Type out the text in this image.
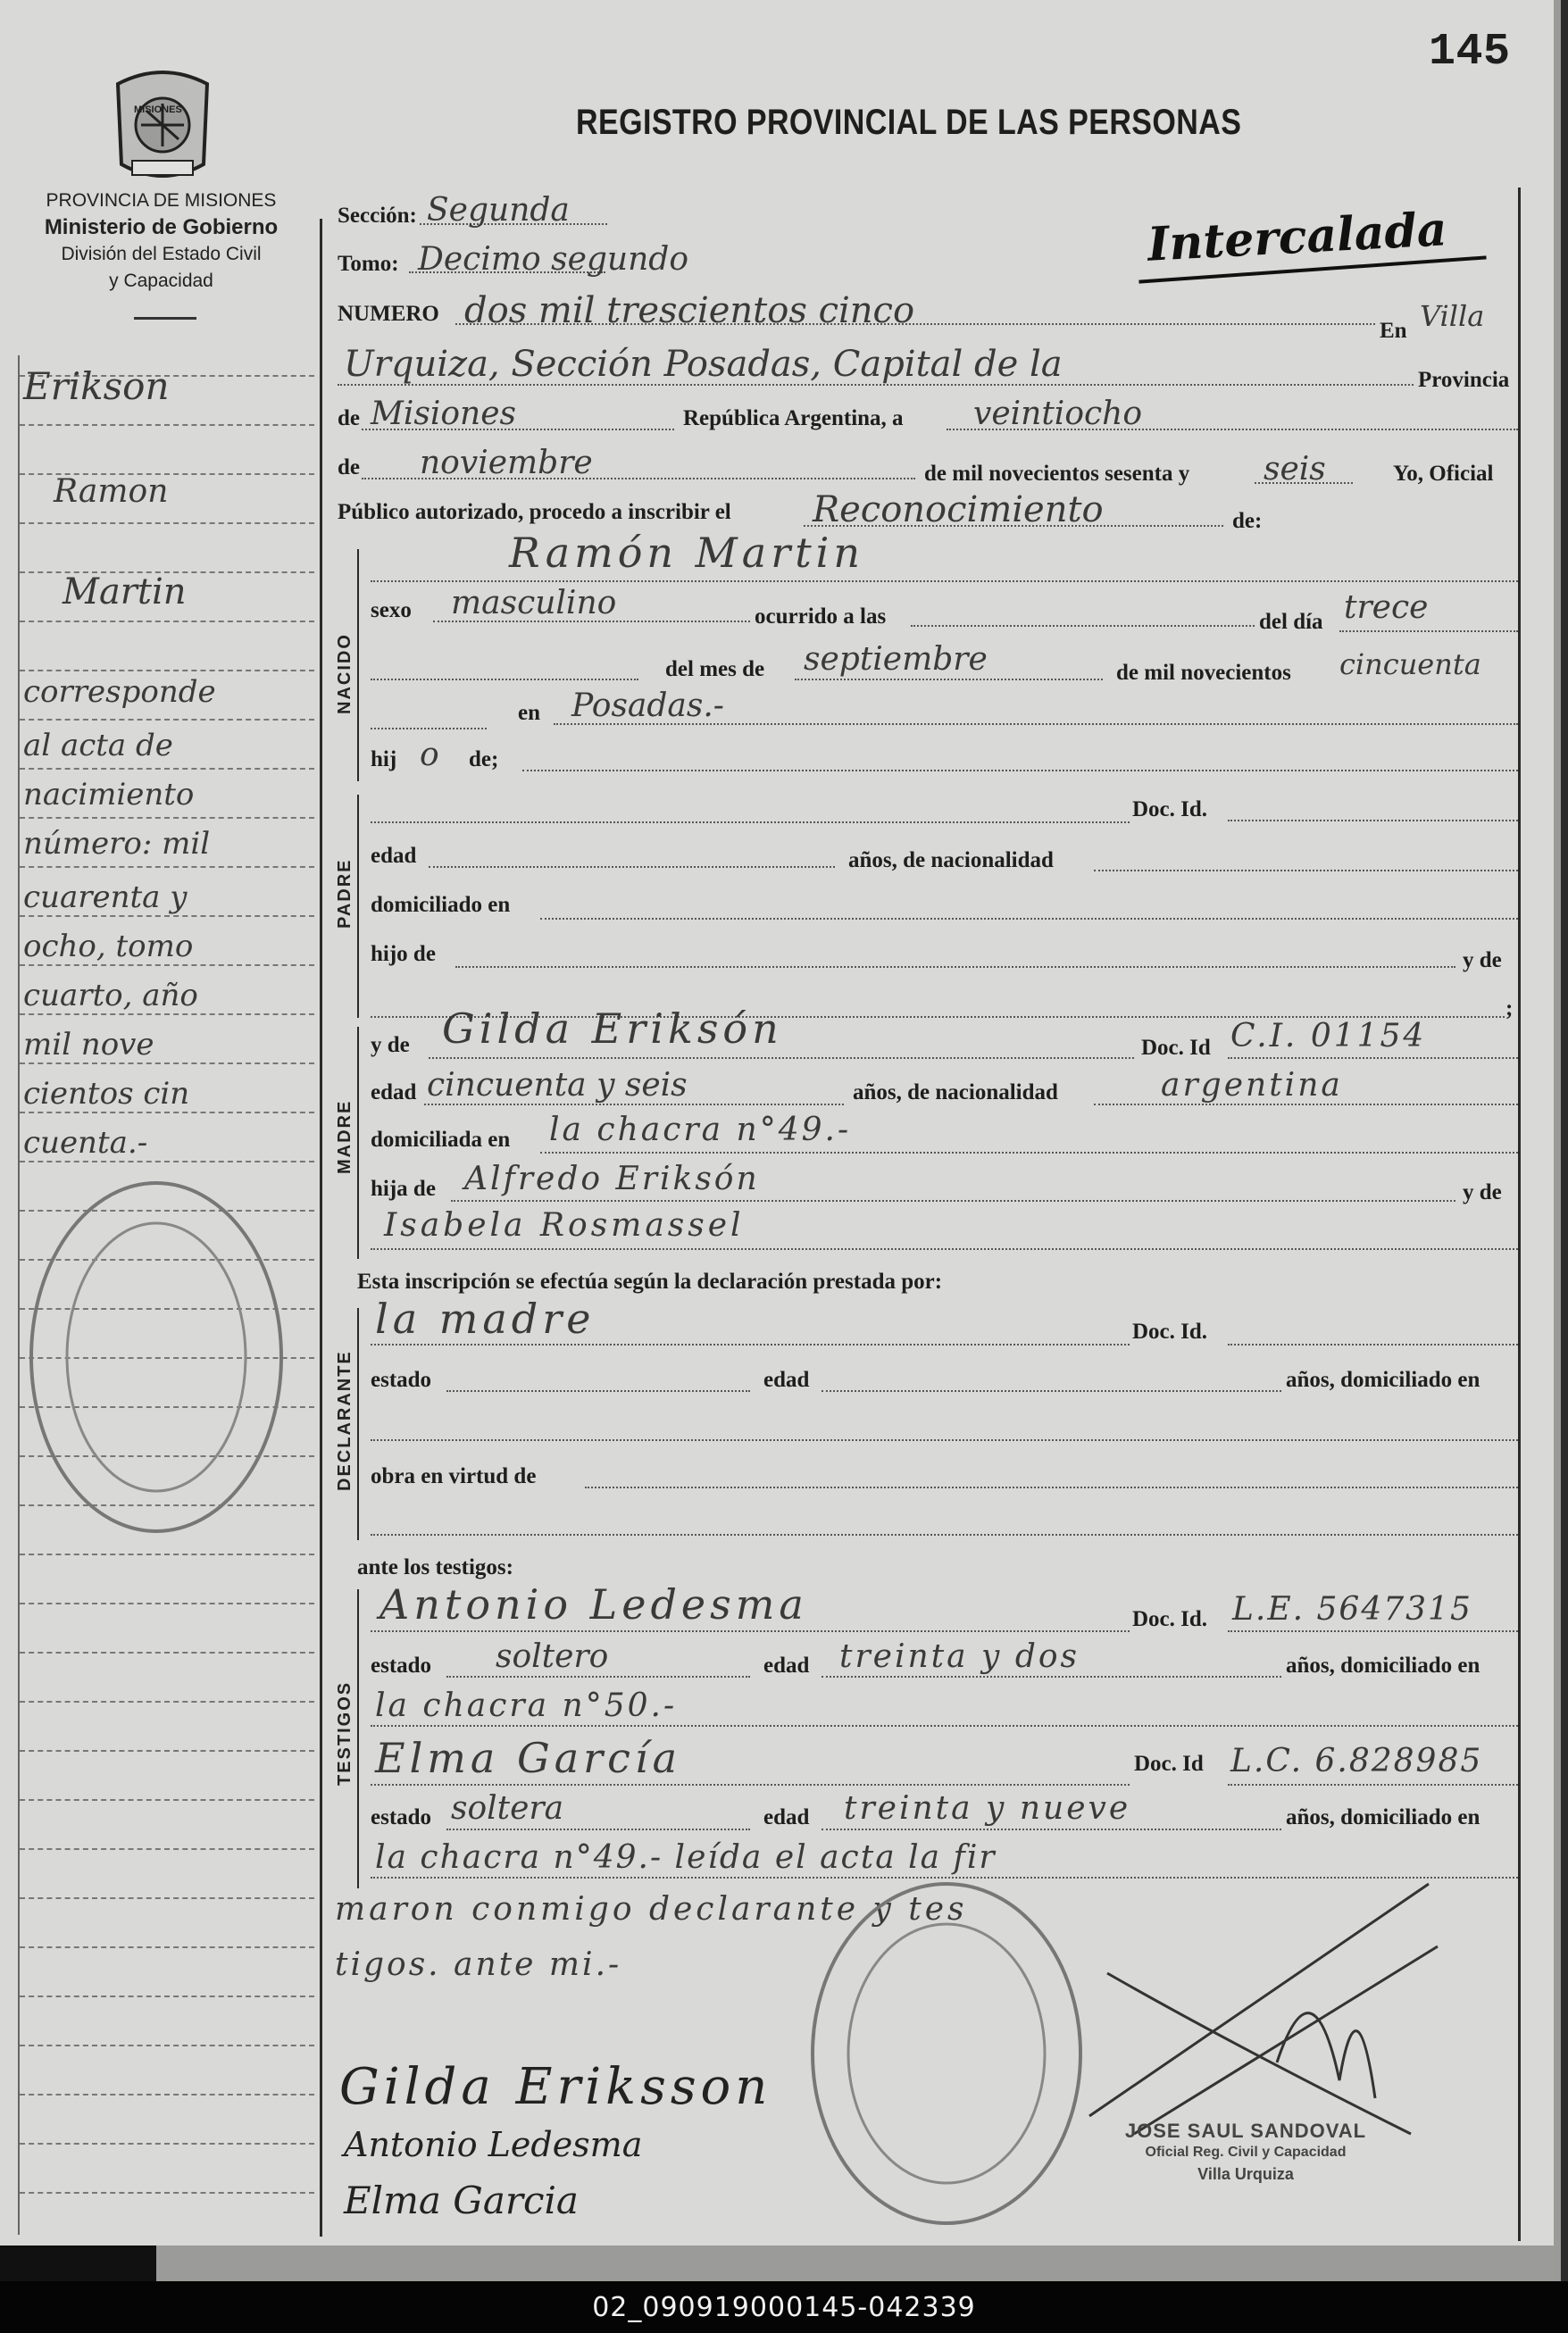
145
MISIONES
PROVINCIA DE MISIONES
Ministerio de Gobierno
División del Estado Civil
y Capacidad
REGISTRO PROVINCIAL DE LAS PERSONAS
Intercalada
Erikson
Ramon
Martin
corresponde
al acta de
nacimiento
número: mil
cuarenta y
ocho, tomo
cuarto, año
mil nove
cientos cin
cuenta.-
Sección: Segunda
Tomo: Decimo segundo
NUMERO dos mil trescientos cinco	En Villa
Urquiza, Sección Posadas, Capital de la	Provincia
de Misiones	República Argentina, a veintiocho
de noviembre	de mil novecientos sesenta y seis	Yo, Oficial
Público autorizado, procedo a inscribir el Reconocimiento	de:
NACIDO
PADRE
MADRE
DECLARANTE
TESTIGOS
Ramón Martin
sexo masculino	ocurrido a las	del día trece
del mes de septiembre	de mil novecientos cincuenta
en Posadas.-
hij o de;
Doc. Id.
edad	años, de nacionalidad
domiciliado en
hijo de	y de
;
y de Gilda Eriksón	Doc. Id C.I. 01154
edad cincuenta y seis	años, de nacionalidad	argentina
domiciliada en la chacra n°49.-
hija de Alfredo Eriksón	y de
Isabela Rosmassel
Esta inscripción se efectúa según la declaración prestada por:
la madre	Doc. Id.
estado	edad	años, domiciliado en
obra en virtud de
ante los testigos:
Antonio Ledesma	Doc. Id. L.E. 5647315
estado soltero	edad treinta y dos	años, domiciliado en
la chacra n°50.-
Elma García	Doc. Id L.C. 6.828985
estado soltera	edad treinta y nueve	años, domiciliado en
la chacra n°49.- leída el acta la fir
maron conmigo declarante y tes
tigos. ante mi.-
Gilda Eriksson
Antonio Ledesma
Elma Garcia
JOSE SAUL SANDOVAL
Oficial Reg. Civil y Capacidad
Villa Urquiza
02_090919000145-042339
